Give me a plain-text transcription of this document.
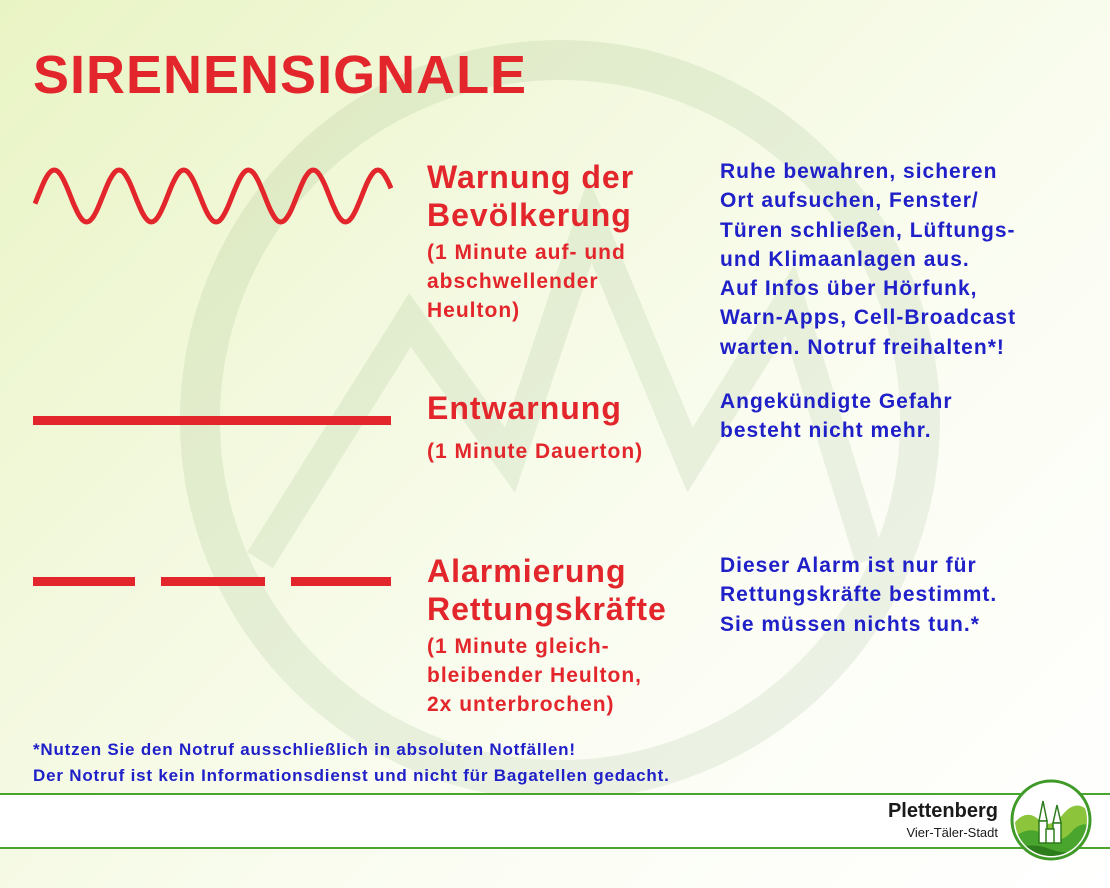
SIRENENSIGNALE
Warnung der
Bevölkerung

(1 Minute auf- und
abschwellender
Heulton)

Ruhe bewahren, sicheren
Ort aufsuchen, Fenster/
Türen schließen, Lüftungs-
und Klimaanlagen aus.
Auf Infos über Hörfunk,
Warn-Apps, Cell-Broadcast
warten. Notruf freihalten*!

Entwarnung

(1 Minute Dauerton)

Angekündigte Gefahr
besteht nicht mehr.

Alarmierung
Rettungskräfte

(1 Minute gleich-
bleibender Heulton,
2x unterbrochen)

Dieser Alarm ist nur für
Rettungskräfte bestimmt.
Sie müssen nichts tun.*

*Nutzen Sie den Notruf ausschließlich in absoluten Notfällen!
Der Notruf ist kein Informationsdienst und nicht für Bagatellen gedacht.

Plettenberg
Vier-Täler-Stadt
